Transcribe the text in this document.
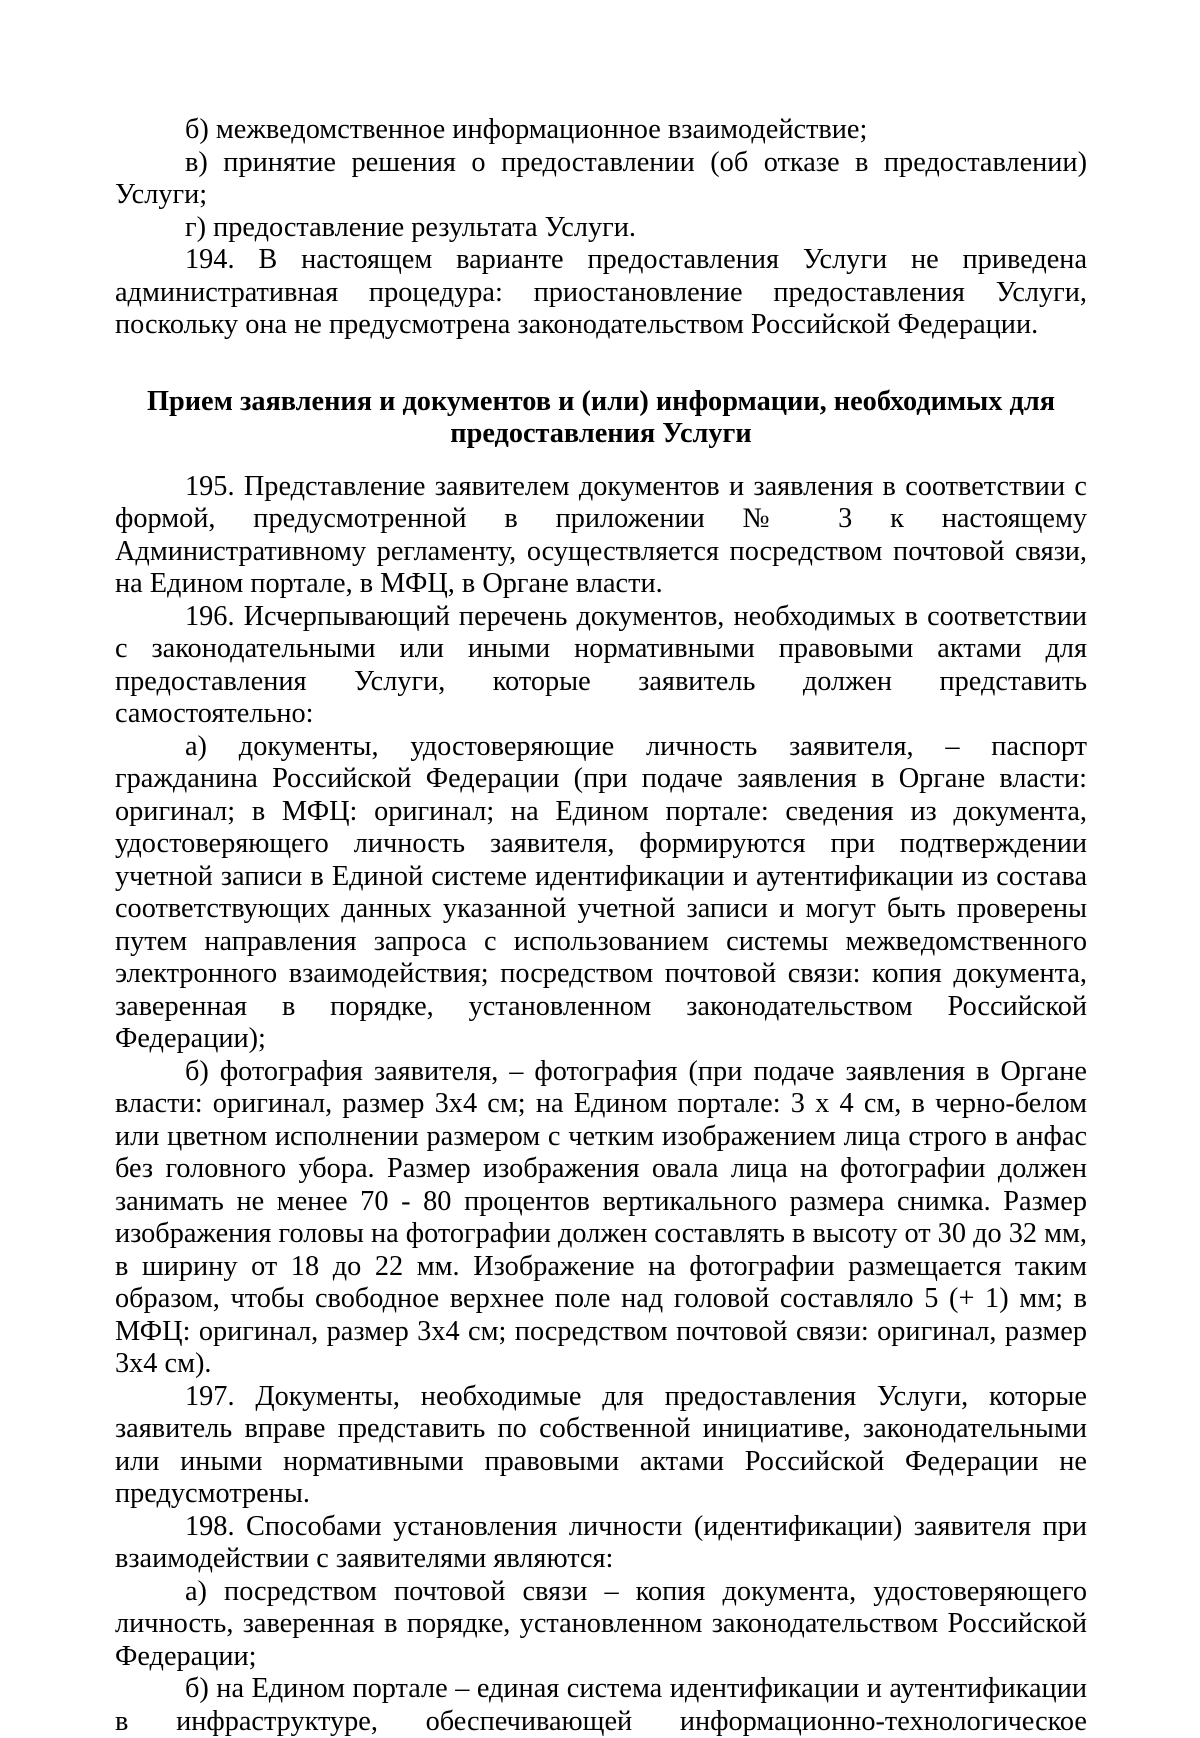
б) межведомственное информационное взаимодействие;

в) принятие решения о предоставлении (об отказе в предоставлении) Услуги;

г) предоставление результата Услуги.

194. В настоящем варианте предоставления Услуги не приведена административная процедура: приостановление предоставления Услуги, поскольку она не предусмотрена законодательством Российской Федерации.

Прием заявления и документов и (или) информации, необходимых для предоставления Услуги

195. Представление заявителем документов и заявления в соответствии с формой, предусмотренной в приложении № 3 к настоящему Административному регламенту, осуществляется посредством почтовой связи, на Едином портале, в МФЦ, в Органе власти.

196. Исчерпывающий перечень документов, необходимых в соответствии с законодательными или иными нормативными правовыми актами для предоставления Услуги, которые заявитель должен представить самостоятельно:

а) документы, удостоверяющие личность заявителя, – паспорт гражданина Российской Федерации (при подаче заявления в Органе власти: оригинал; в МФЦ: оригинал; на Едином портале: сведения из документа, удостоверяющего личность заявителя, формируются при подтверждении учетной записи в Единой системе идентификации и аутентификации из состава соответствующих данных указанной учетной записи и могут быть проверены путем направления запроса с использованием системы межведомственного электронного взаимодействия; посредством почтовой связи: копия документа, заверенная в порядке, установленном законодательством Российской Федерации);

б) фотография заявителя, – фотография (при подаче заявления в Органе власти: оригинал, размер 3x4 см; на Едином портале: 3 x 4 см, в черно-белом или цветном исполнении размером с четким изображением лица строго в анфас без головного убора. Размер изображения овала лица на фотографии должен занимать не менее 70 - 80 процентов вертикального размера снимка. Размер изображения головы на фотографии должен составлять в высоту от 30 до 32 мм, в ширину от 18 до 22 мм. Изображение на фотографии размещается таким образом, чтобы свободное верхнее поле над головой составляло 5 (+ 1) мм; в МФЦ: оригинал, размер 3x4 см; посредством почтовой связи: оригинал, размер 3x4 см).

197. Документы, необходимые для предоставления Услуги, которые заявитель вправе представить по собственной инициативе, законодательными или иными нормативными правовыми актами Российской Федерации не предусмотрены.

198. Способами установления личности (идентификации) заявителя при взаимодействии с заявителями являются:

а) посредством почтовой связи – копия документа, удостоверяющего личность, заверенная в порядке, установленном законодательством Российской Федерации;

б) на Едином портале – единая система идентификации и аутентификации в инфраструктуре, обеспечивающей информационно-технологическое
